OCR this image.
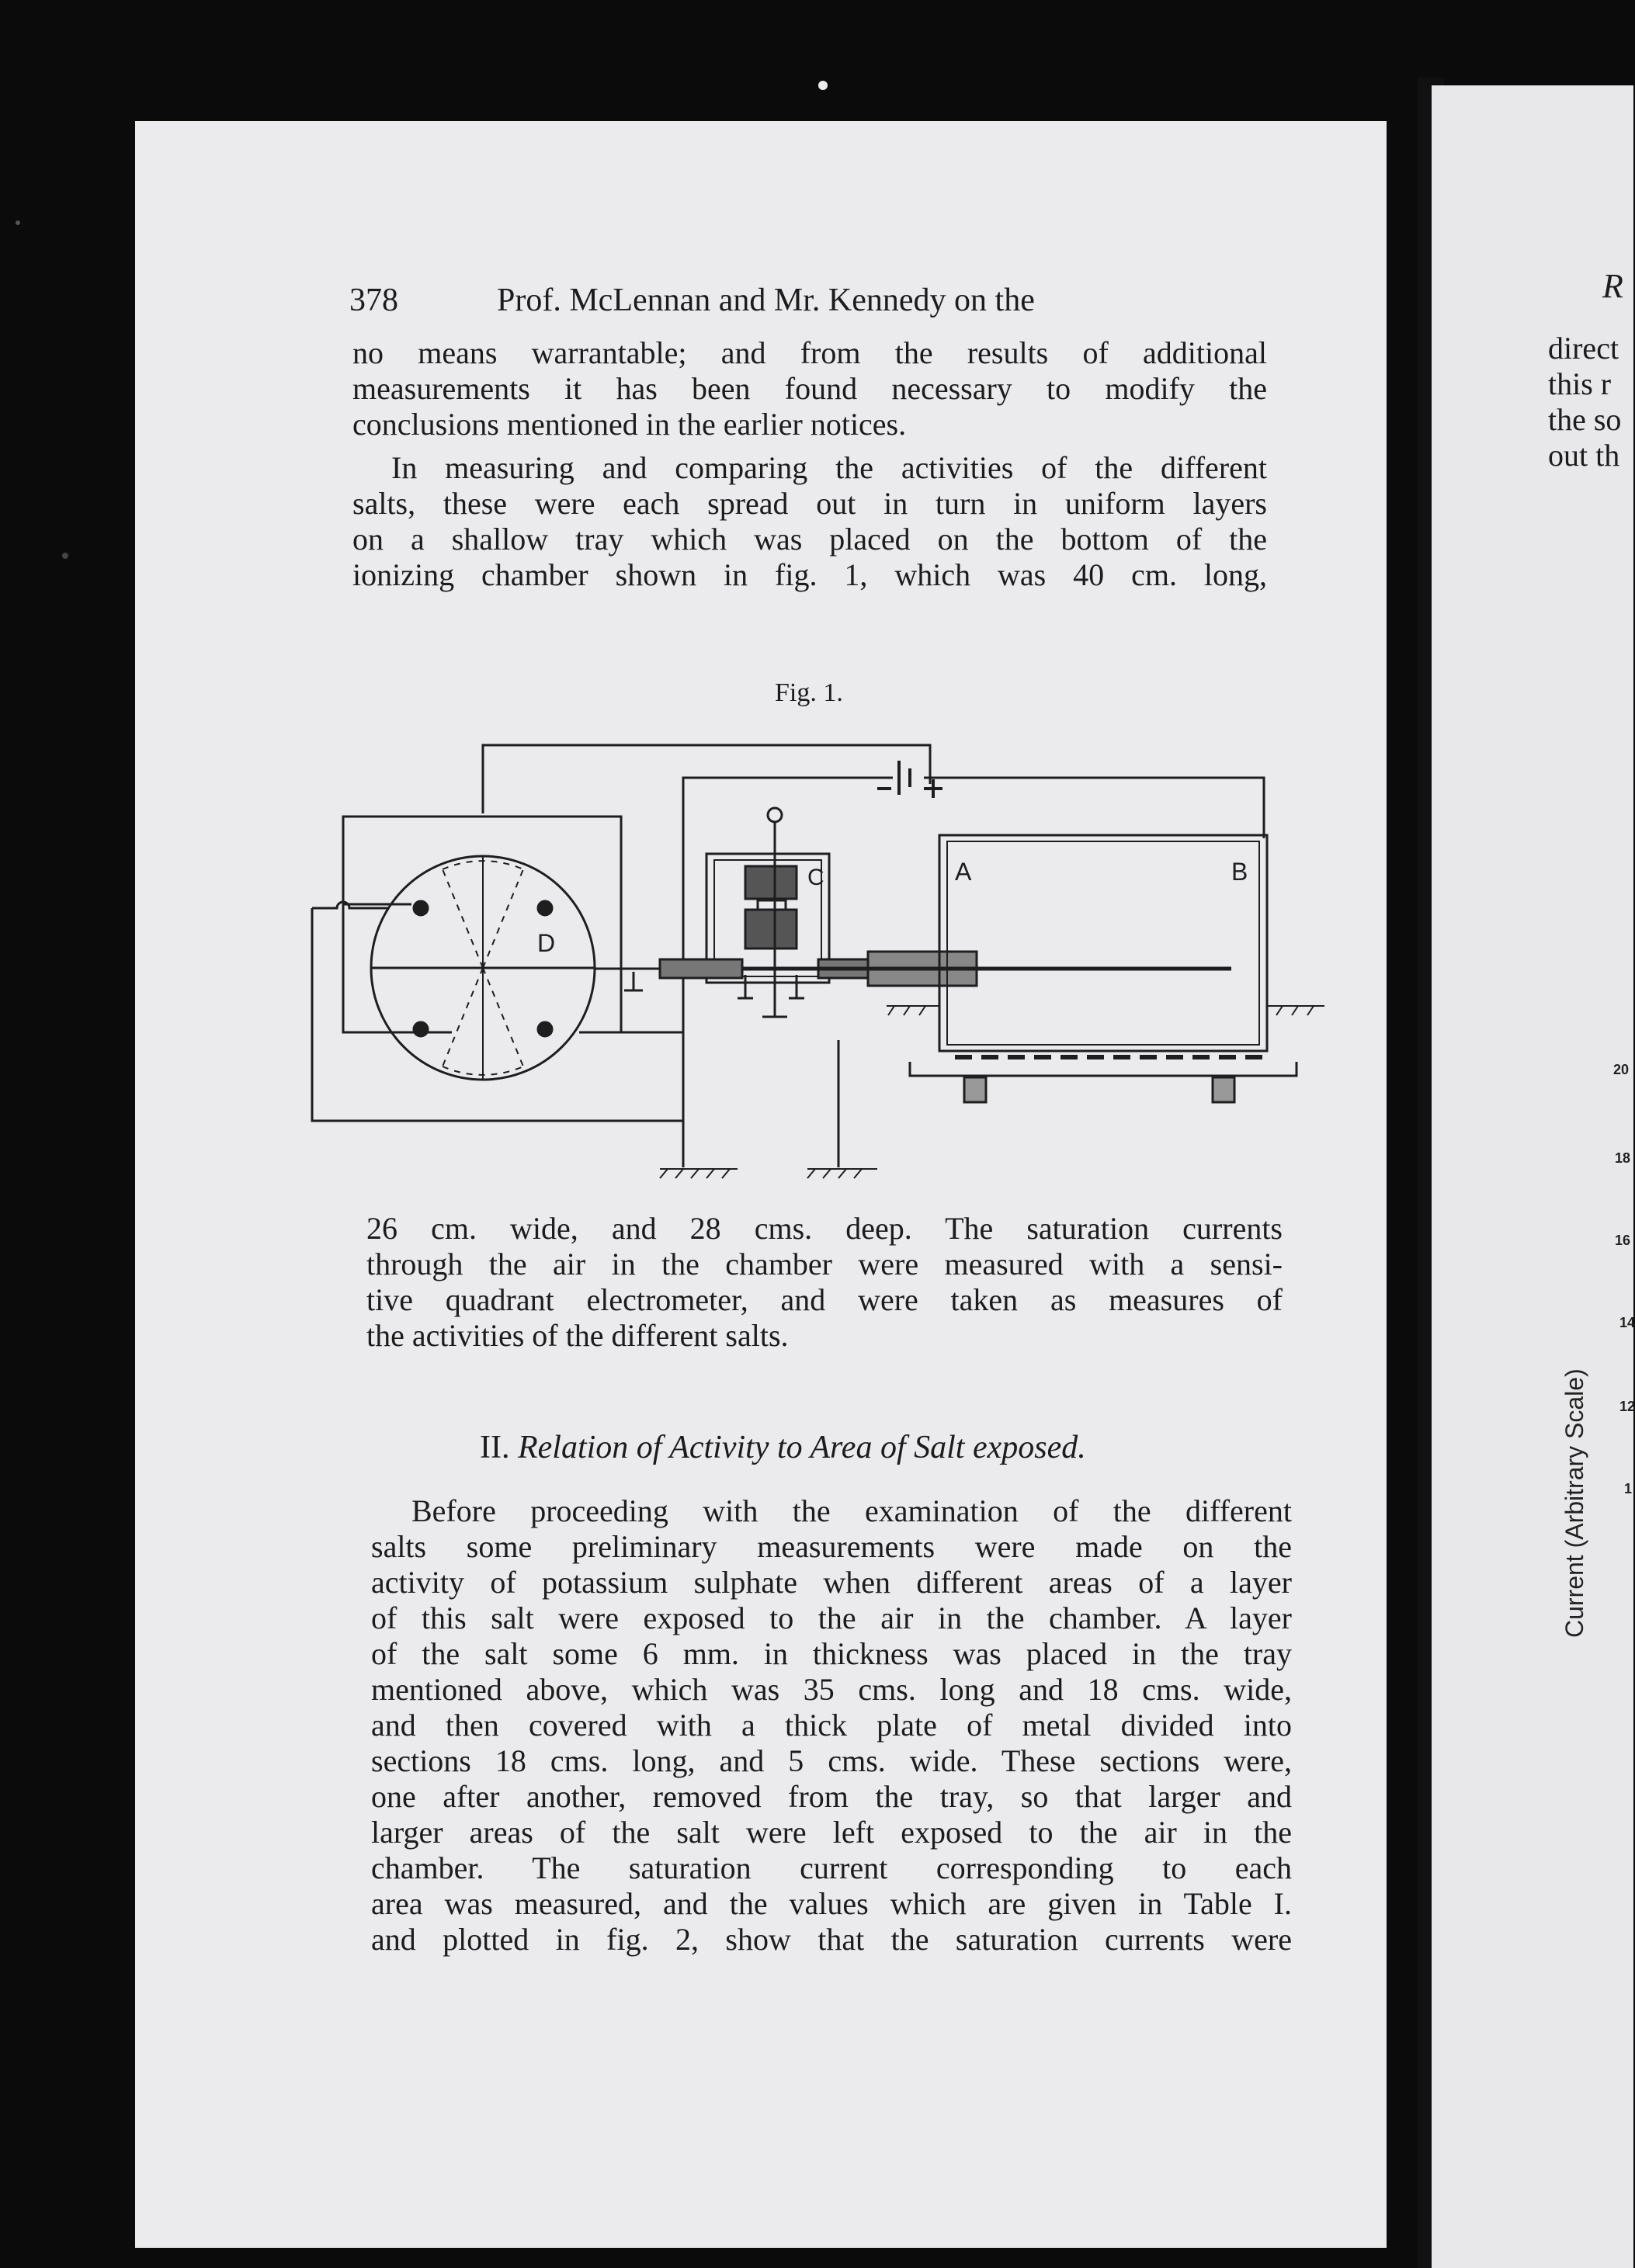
378	Prof. McLennan and Mr. Kennedy on the
no means warrantable; and from the results of additional
measurements it has been found necessary to modify the
conclusions mentioned in the earlier notices.
In measuring and comparing the activities of the different
salts, these were each spread out in turn in uniform layers
on a shallow tray which was placed on the bottom of the
ionizing chamber shown in fig. 1, which was 40 cm. long,
Fig. 1.
D
C	A	B
26 cm. wide, and 28 cms. deep. The saturation currents
through the air in the chamber were measured with a sensi-
tive quadrant electrometer, and were taken as measures of
the activities of the different salts.
II. Relation of Activity to Area of Salt exposed.
Before proceeding with the examination of the different
salts some preliminary measurements were made on the
activity of potassium sulphate when different areas of a layer
of this salt were exposed to the air in the chamber. A layer
of the salt some 6 mm. in thickness was placed in the tray
mentioned above, which was 35 cms. long and 18 cms. wide,
and then covered with a thick plate of metal divided into
sections 18 cms. long, and 5 cms. wide. These sections were,
one after another, removed from the tray, so that larger and
larger areas of the salt were left exposed to the air in the
chamber. The saturation current corresponding to each
area was measured, and the values which are given in Table I.
and plotted in fig. 2, show that the saturation currents were
R
direct
this r
the so
out th
20
18
16
14
12
1
Current (Arbitrary Scale)
